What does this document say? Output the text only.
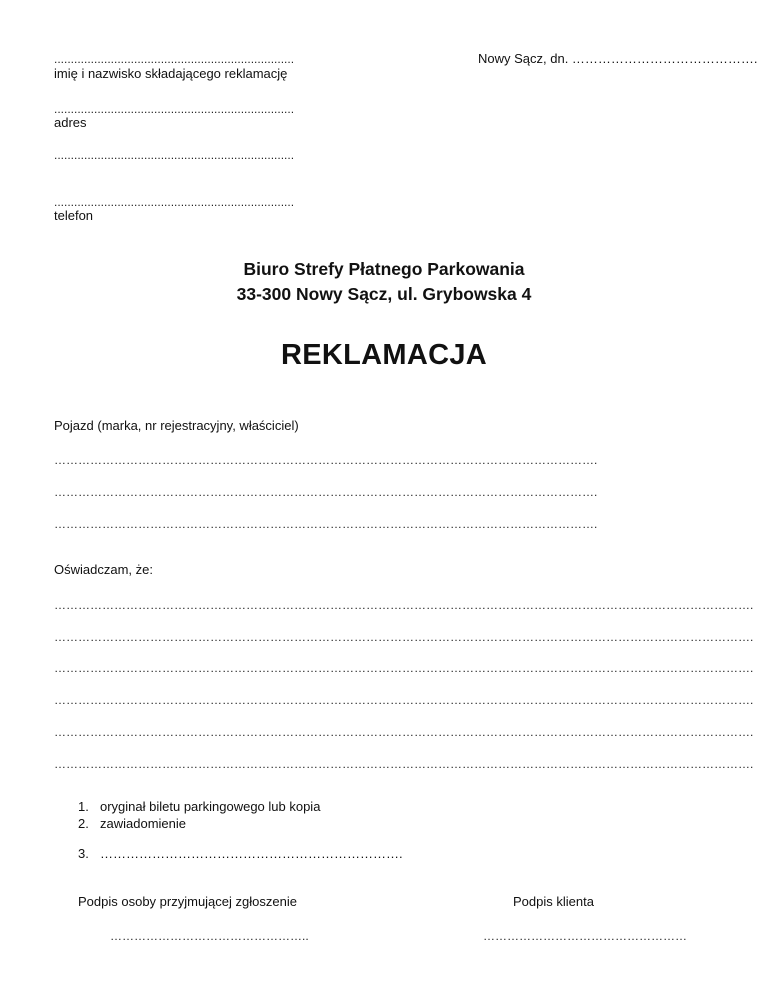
........................................................................
imię i nazwisko składającego reklamację
........................................................................
adres
........................................................................
........................................................................
telefon
Nowy Sącz, dn. …………………………………….
Biuro Strefy Płatnego Parkowania
33-300 Nowy Sącz, ul. Grybowska 4
REKLAMACJA
Pojazd (marka, nr rejestracyjny, właściciel)
……………………………………………………………………………………………………………………….
……………………………………………………………………………………………………………………….
……………………………………………………………………………………………………………………….
Oświadczam, że:
………………………………………………………………………………………………………………………………………………………….
………………………………………………………………………………………………………………………………………………………….
………………………………………………………………………………………………………………………………………………………….
………………………………………………………………………………………………………………………………………………………….
………………………………………………………………………………………………………………………………………………………….
………………………………………………………………………………………………………………………………………………………….
1. oryginał biletu parkingowego lub kopia
2. zawiadomienie
3. …………………………………………………………….
Podpis osoby przyjmującej zgłoszenie
…………………………………………..
Podpis klienta
……………………………………………
